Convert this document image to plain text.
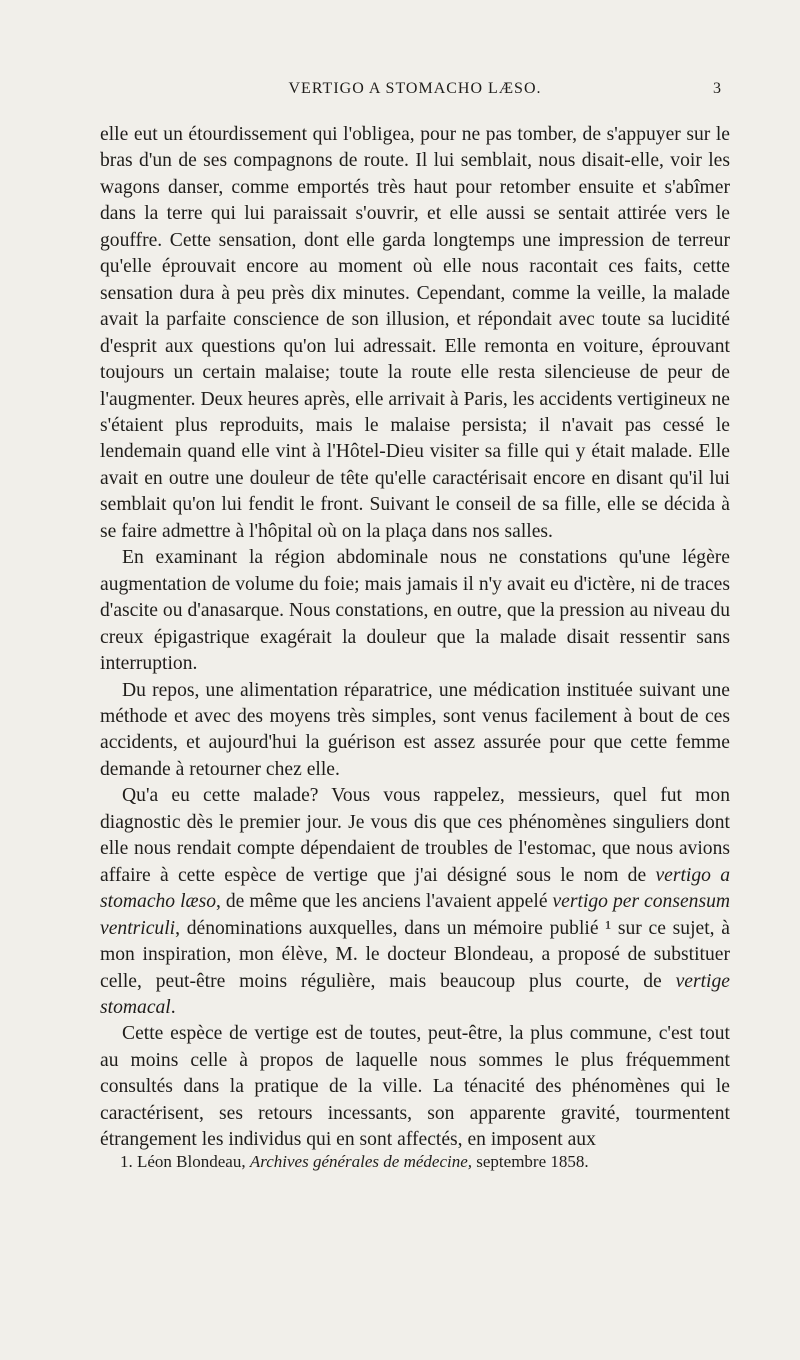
VERTIGO A STOMACHO LÆSO.	3

elle eut un étourdissement qui l'obligea, pour ne pas tomber, de s'appuyer sur le bras d'un de ses compagnons de route. Il lui semblait, nous disait-elle, voir les wagons danser, comme emportés très haut pour retomber ensuite et s'abîmer dans la terre qui lui paraissait s'ouvrir, et elle aussi se sentait attirée vers le gouffre. Cette sensation, dont elle garda longtemps une impression de terreur qu'elle éprouvait encore au moment où elle nous racontait ces faits, cette sensation dura à peu près dix minutes. Cependant, comme la veille, la malade avait la parfaite conscience de son illusion, et répondait avec toute sa lucidité d'esprit aux questions qu'on lui adressait. Elle remonta en voiture, éprouvant toujours un certain malaise; toute la route elle resta silencieuse de peur de l'augmenter. Deux heures après, elle arrivait à Paris, les accidents vertigineux ne s'étaient plus reproduits, mais le malaise persista; il n'avait pas cessé le lendemain quand elle vint à l'Hôtel-Dieu visiter sa fille qui y était malade. Elle avait en outre une douleur de tête qu'elle caractérisait encore en disant qu'il lui semblait qu'on lui fendit le front. Suivant le conseil de sa fille, elle se décida à se faire admettre à l'hôpital où on la plaça dans nos salles.

En examinant la région abdominale nous ne constations qu'une légère augmentation de volume du foie; mais jamais il n'y avait eu d'ictère, ni de traces d'ascite ou d'anasarque. Nous constations, en outre, que la pression au niveau du creux épigastrique exagérait la douleur que la malade disait ressentir sans interruption.

Du repos, une alimentation réparatrice, une médication instituée suivant une méthode et avec des moyens très simples, sont venus facilement à bout de ces accidents, et aujourd'hui la guérison est assez assurée pour que cette femme demande à retourner chez elle.

Qu'a eu cette malade? Vous vous rappelez, messieurs, quel fut mon diagnostic dès le premier jour. Je vous dis que ces phénomènes singuliers dont elle nous rendait compte dépendaient de troubles de l'estomac, que nous avions affaire à cette espèce de vertige que j'ai désigné sous le nom de vertigo a stomacho læso, de même que les anciens l'avaient appelé vertigo per consensum ventriculi, dénominations auxquelles, dans un mémoire publié ¹ sur ce sujet, à mon inspiration, mon élève, M. le docteur Blondeau, a proposé de substituer celle, peut-être moins régulière, mais beaucoup plus courte, de vertige stomacal.

Cette espèce de vertige est de toutes, peut-être, la plus commune, c'est tout au moins celle à propos de laquelle nous sommes le plus fréquemment consultés dans la pratique de la ville. La ténacité des phénomènes qui le caractérisent, ses retours incessants, son apparente gravité, tourmentent étrangement les individus qui en sont affectés, en imposent aux

1. Léon Blondeau, Archives générales de médecine, septembre 1858.
